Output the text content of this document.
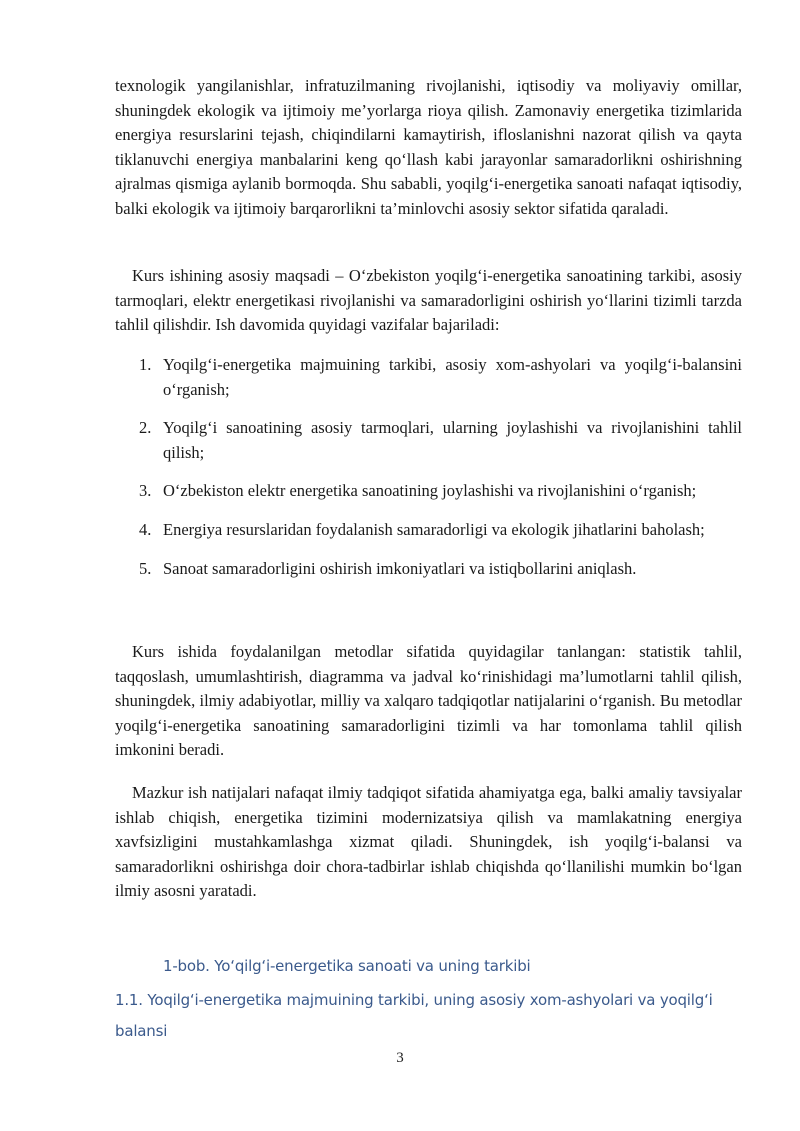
texnologik yangilanishlar, infratuzilmaning rivojlanishi, iqtisodiy va moliyaviy omillar, shuningdek ekologik va ijtimoiy me’yorlarga rioya qilish. Zamonaviy energetika tizimlarida energiya resurslarini tejash, chiqindilarni kamaytirish, ifloslanishni nazorat qilish va qayta tiklanuvchi energiya manbalarini keng qo‘llash kabi jarayonlar samaradorlikni oshirishning ajralmas qismiga aylanib bormoqda. Shu sababli, yoqilg‘i-energetika sanoati nafaqat iqtisodiy, balki ekologik va ijtimoiy barqarorlikni ta’minlovchi asosiy sektor sifatida qaraladi.

Kurs ishining asosiy maqsadi – O‘zbekiston yoqilg‘i-energetika sanoatining tarkibi, asosiy tarmoqlari, elektr energetikasi rivojlanishi va samaradorligini oshirish yo‘llarini tizimli tarzda tahlil qilishdir. Ish davomida quyidagi vazifalar bajariladi:

1. Yoqilg‘i-energetika majmuining tarkibi, asosiy xom-ashyolari va yoqilg‘i-balansini o‘rganish;
2. Yoqilg‘i sanoatining asosiy tarmoqlari, ularning joylashishi va rivojlanishini tahlil qilish;
3. O‘zbekiston elektr energetika sanoatining joylashishi va rivojlanishini o‘rganish;
4. Energiya resurslaridan foydalanish samaradorligi va ekologik jihatlarini baholash;
5. Sanoat samaradorligini oshirish imkoniyatlari va istiqbollarini aniqlash.

Kurs ishida foydalanilgan metodlar sifatida quyidagilar tanlangan: statistik tahlil, taqqoslash, umumlashtirish, diagramma va jadval ko‘rinishidagi ma’lumotlarni tahlil qilish, shuningdek, ilmiy adabiyotlar, milliy va xalqaro tadqiqotlar natijalarini o‘rganish. Bu metodlar yoqilg‘i-energetika sanoatining samaradorligini tizimli va har tomonlama tahlil qilish imkonini beradi.

Mazkur ish natijalari nafaqat ilmiy tadqiqot sifatida ahamiyatga ega, balki amaliy tavsiyalar ishlab chiqish, energetika tizimini modernizatsiya qilish va mamlakatning energiya xavfsizligini mustahkamlashga xizmat qiladi. Shuningdek, ish yoqilg‘i-balansi va samaradorlikni oshirishga doir chora-tadbirlar ishlab chiqishda qo‘llanilishi mumkin bo‘lgan ilmiy asosni yaratadi.

1-bob. Yo‘qilg‘i-energetika sanoati va uning tarkibi
1.1. Yoqilg‘i-energetika majmuining tarkibi, uning asosiy xom-ashyolari va yoqilg‘i balansi
3
